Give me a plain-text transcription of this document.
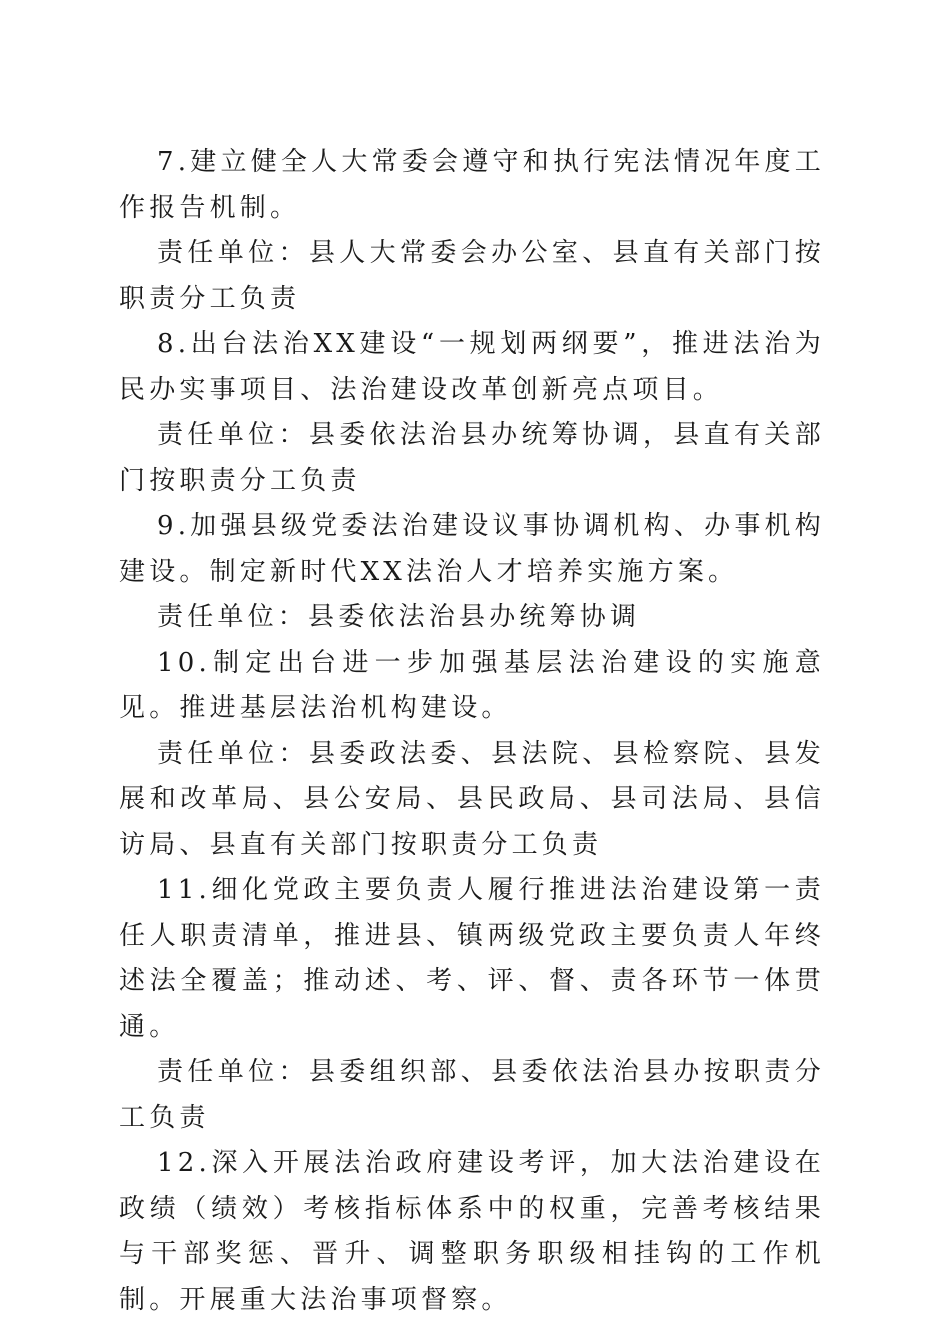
7.建立健全人大常委会遵守和执行宪法情况年度工作报告机制。

责任单位：县人大常委会办公室、县直有关部门按职责分工负责

8.出台法治XX建设“一规划两纲要”，推进法治为民办实事项目、法治建设改革创新亮点项目。

责任单位：县委依法治县办统筹协调，县直有关部门按职责分工负责

9.加强县级党委法治建设议事协调机构、办事机构建设。制定新时代XX法治人才培养实施方案。

责任单位：县委依法治县办统筹协调

10.制定出台进一步加强基层法治建设的实施意见。推进基层法治机构建设。

责任单位：县委政法委、县法院、县检察院、县发展和改革局、县公安局、县民政局、县司法局、县信访局、县直有关部门按职责分工负责

11.细化党政主要负责人履行推进法治建设第一责任人职责清单，推进县、镇两级党政主要负责人年终述法全覆盖；推动述、考、评、督、责各环节一体贯通。

责任单位：县委组织部、县委依法治县办按职责分工负责

12.深入开展法治政府建设考评，加大法治建设在政绩（绩效）考核指标体系中的权重，完善考核结果与干部奖惩、晋升、调整职务职级相挂钩的工作机制。开展重大法治事项督察。
